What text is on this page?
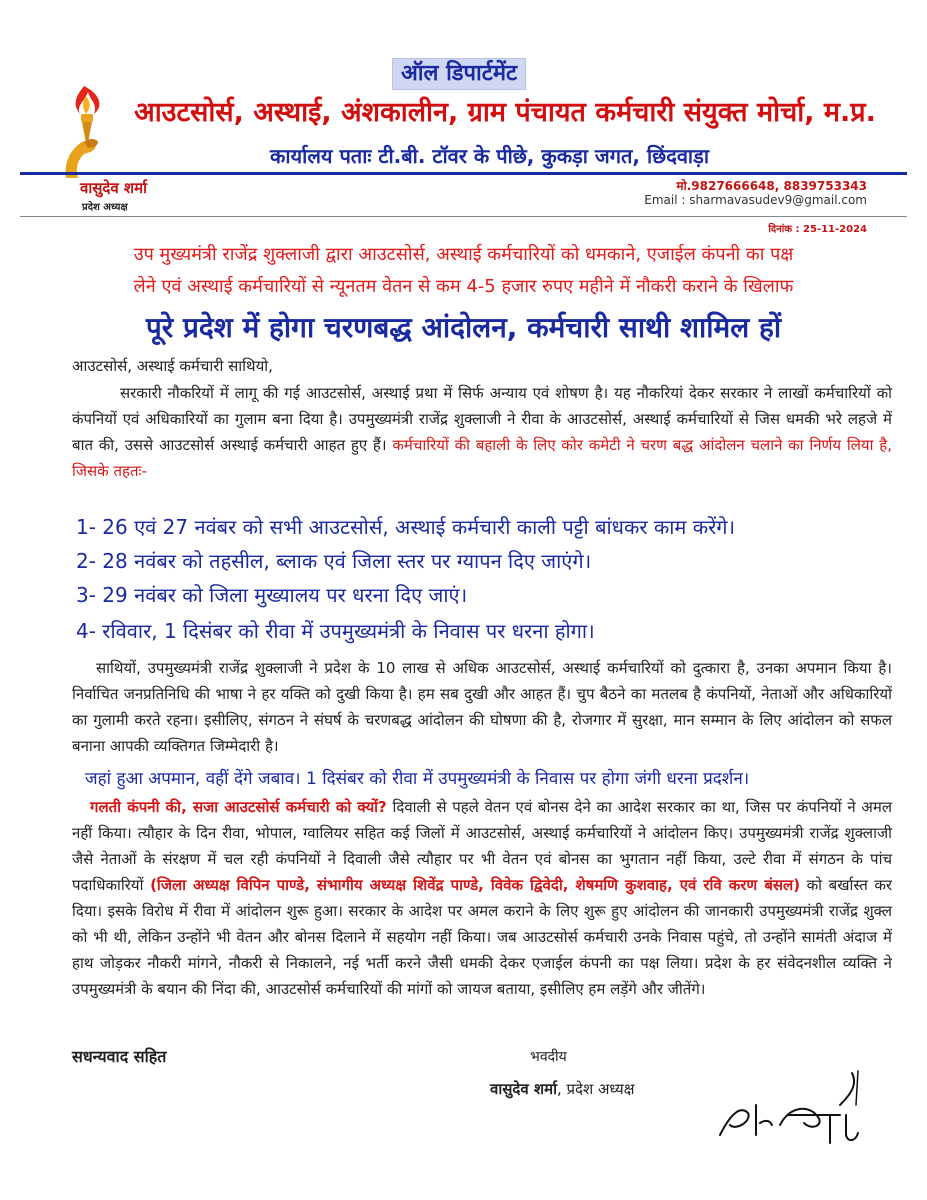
ऑल डिपार्टमेंट
आउटसोर्स, अस्थाई, अंशकालीन, ग्राम पंचायत कर्मचारी संयुक्त मोर्चा, म.प्र.
कार्यालय पताः टी.बी. टॉवर के पीछे, कुकड़ा जगत, छिंदवाड़ा
वासुदेव शर्मा
प्रदेश अध्यक्ष
मो.9827666648, 8839753343
Email : sharmavasudev9@gmail.com
दिनांक : 25-11-2024
उप मुख्यमंत्री राजेंद्र शुक्लाजी द्वारा आउटसोर्स, अस्थाई कर्मचारियों को धमकाने, एजाईल कंपनी का पक्ष
लेने एवं अस्थाई कर्मचारियों से न्यूनतम वेतन से कम 4-5 हजार रुपए महीने में नौकरी कराने के खिलाफ
पूरे प्रदेश में होगा चरणबद्ध आंदोलन, कर्मचारी साथी शामिल हों
आउटसोर्स, अस्थाई कर्मचारी साथियो,
सरकारी नौकरियों में लागू की गई आउटसोर्स, अस्थाई प्रथा में सिर्फ अन्याय एवं शोषण है। यह नौकरियां देकर सरकार ने लाखों कर्मचारियों को कंपनियों एवं अधिकारियों का गुलाम बना दिया है। उपमुख्यमंत्री राजेंद्र शुक्लाजी ने रीवा के आउटसोर्स, अस्थाई कर्मचारियों से जिस धमकी भरे लहजे में बात की, उससे आउटसोर्स अस्थाई कर्मचारी आहत हुए हैं। कर्मचारियों की बहाली के लिए कोर कमेटी ने चरण बद्ध आंदोलन चलाने का निर्णय लिया है, जिसके तहतः-
1- 26 एवं 27 नवंबर को सभी आउटसोर्स, अस्थाई कर्मचारी काली पट्टी बांधकर काम करेंगे।
2- 28 नवंबर को तहसील, ब्लाक एवं जिला स्तर पर ग्यापन दिए जाएंगे।
3- 29 नवंबर को जिला मुख्यालय पर धरना दिए जाएं।
4- रविवार, 1 दिसंबर को रीवा में उपमुख्यमंत्री के निवास पर धरना होगा।
साथियों, उपमुख्यमंत्री राजेंद्र शुक्लाजी ने प्रदेश के 10 लाख से अधिक आउटसोर्स, अस्थाई कर्मचारियों को दुत्कारा है, उनका अपमान किया है। निर्वाचित जनप्रतिनिधि की भाषा ने हर यक्ति को दुखी किया है। हम सब दुखी और आहत हैं। चुप बैठने का मतलब है कंपनियों, नेताओं और अधिकारियों का गुलामी करते रहना। इसीलिए, संगठन ने संघर्ष के चरणबद्ध आंदोलन की घोषणा की है, रोजगार में सुरक्षा, मान सम्मान के लिए आंदोलन को सफल बनाना आपकी व्यक्तिगत जिम्मेदारी है।
जहां हुआ अपमान, वहीं देंगे जबाव। 1 दिसंबर को रीवा में उपमुख्यमंत्री के निवास पर होगा जंगी धरना प्रदर्शन।
गलती कंपनी की, सजा आउटसोर्स कर्मचारी को क्यों? दिवाली से पहले वेतन एवं बोनस देने का आदेश सरकार का था, जिस पर कंपनियों ने अमल नहीं किया। त्यौहार के दिन रीवा, भोपाल, ग्वालियर सहित कई जिलों में आउटसोर्स, अस्थाई कर्मचारियों ने आंदोलन किए। उपमुख्यमंत्री राजेंद्र शुक्लाजी जैसे नेताओं के संरक्षण में चल रही कंपनियों ने दिवाली जैसे त्यौहार पर भी वेतन एवं बोनस का भुगतान नहीं किया, उल्टे रीवा में संगठन के पांच पदाधिकारियों (जिला अध्यक्ष विपिन पाण्डे, संभागीय अध्यक्ष शिवेंद्र पाण्डे, विवेक द्विवेदी, शेषमणि कुशवाह, एवं रवि करण बंसल) को बर्खास्त कर दिया। इसके विरोध में रीवा में आंदोलन शुरू हुआ। सरकार के आदेश पर अमल कराने के लिए शुरू हुए आंदोलन की जानकारी उपमुख्यमंत्री राजेंद्र शुक्ल को भी थी, लेकिन उन्होंने भी वेतन और बोनस दिलाने में सहयोग नहीं किया। जब आउटसोर्स कर्मचारी उनके निवास पहुंचे, तो उन्होंने सामंती अंदाज में हाथ जोड़कर नौकरी मांगने, नौकरी से निकालने, नई भर्ती करने जैसी धमकी देकर एजाईल कंपनी का पक्ष लिया। प्रदेश के हर संवेदनशील व्यक्ति ने उपमुख्यमंत्री के बयान की निंदा की, आउटसोर्स कर्मचारियों की मांगों को जायज बताया, इसीलिए हम लड़ेंगे और जीतेंगे।
सधन्यवाद सहित	भवदीय
वासुदेव शर्मा, प्रदेश अध्यक्ष
